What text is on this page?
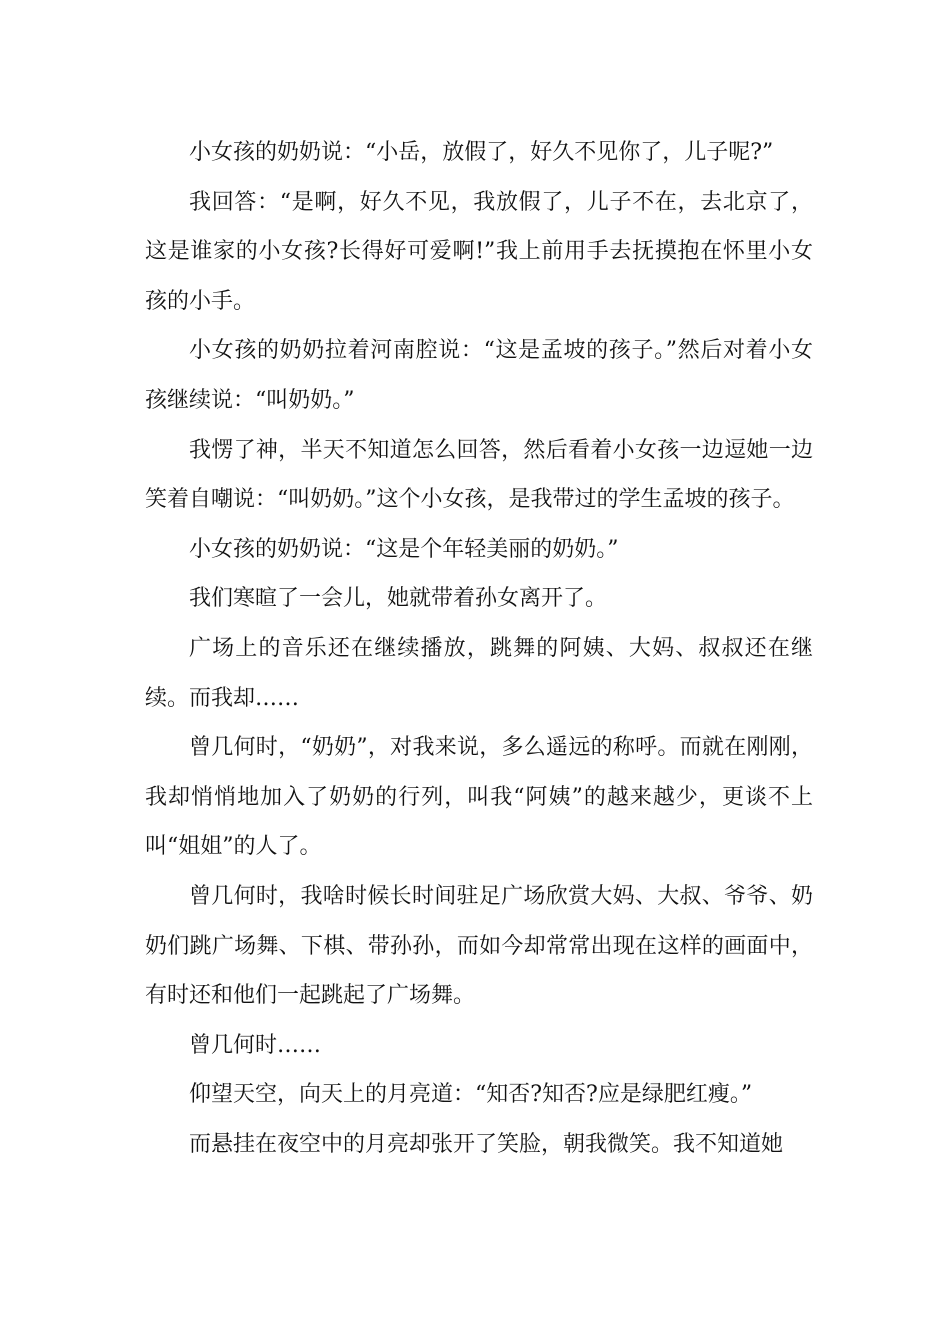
小女孩的奶奶说：“小岳，放假了，好久不见你了，儿子呢?”

我回答：“是啊，好久不见，我放假了，儿子不在，去北京了，这是谁家的小女孩?长得好可爱啊!”我上前用手去抚摸抱在怀里小女孩的小手。

小女孩的奶奶拉着河南腔说：“这是孟坡的孩子。”然后对着小女孩继续说：“叫奶奶。”

我愣了神，半天不知道怎么回答，然后看着小女孩一边逗她一边笑着自嘲说：“叫奶奶。”这个小女孩，是我带过的学生孟坡的孩子。

小女孩的奶奶说：“这是个年轻美丽的奶奶。”

我们寒暄了一会儿，她就带着孙女离开了。

广场上的音乐还在继续播放，跳舞的阿姨、大妈、叔叔还在继续。而我却……

曾几何时，“奶奶”，对我来说，多么遥远的称呼。而就在刚刚，我却悄悄地加入了奶奶的行列，叫我“阿姨”的越来越少，更谈不上叫“姐姐”的人了。

曾几何时，我啥时候长时间驻足广场欣赏大妈、大叔、爷爷、奶奶们跳广场舞、下棋、带孙孙，而如今却常常出现在这样的画面中，有时还和他们一起跳起了广场舞。

曾几何时……

仰望天空，向天上的月亮道：“知否?知否?应是绿肥红瘦。”

而悬挂在夜空中的月亮却张开了笑脸，朝我微笑。我不知道她
